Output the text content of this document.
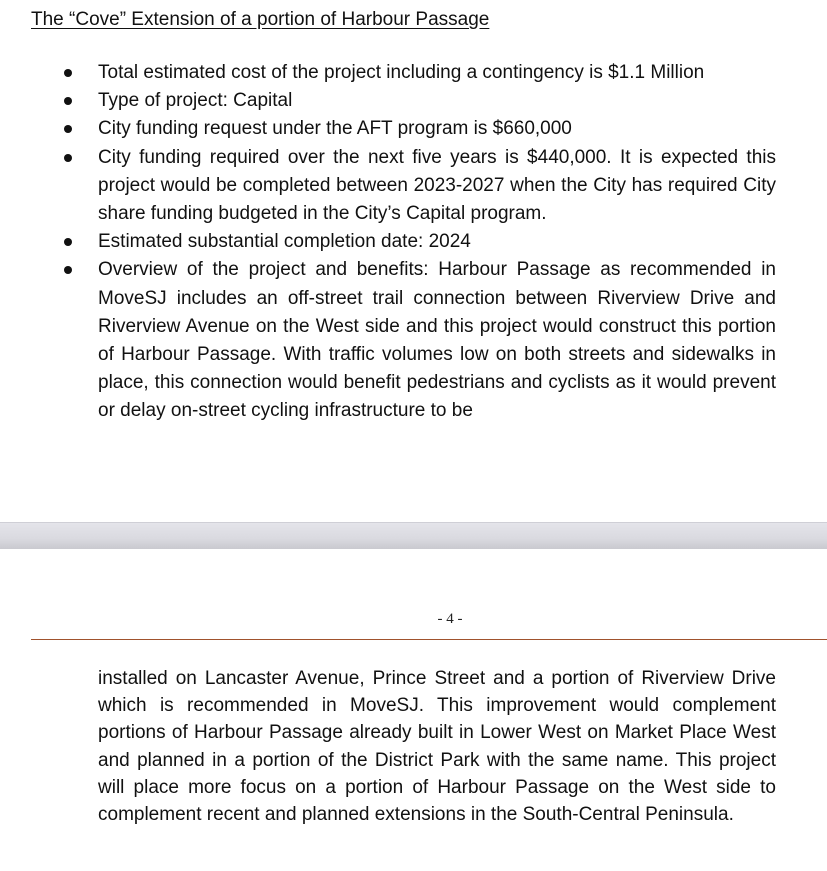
The “Cove” Extension of a portion of Harbour Passage
Total estimated cost of the project including a contingency is $1.1 Million
Type of project: Capital
City funding request under the AFT program is $660,000
City funding required over the next five years is $440,000. It is expected this project would be completed between 2023-2027 when the City has required City share funding budgeted in the City’s Capital program.
Estimated substantial completion date: 2024
Overview of the project and benefits: Harbour Passage as recommended in MoveSJ includes an off-street trail connection between Riverview Drive and Riverview Avenue on the West side and this project would construct this portion of Harbour Passage. With traffic volumes low on both streets and sidewalks in place, this connection would benefit pedestrians and cyclists as it would prevent or delay on-street cycling infrastructure to be
- 4 -

installed on Lancaster Avenue, Prince Street and a portion of Riverview Drive which is recommended in MoveSJ. This improvement would complement portions of Harbour Passage already built in Lower West on Market Place West and planned in a portion of the District Park with the same name. This project will place more focus on a portion of Harbour Passage on the West side to complement recent and planned extensions in the South-Central Peninsula.
